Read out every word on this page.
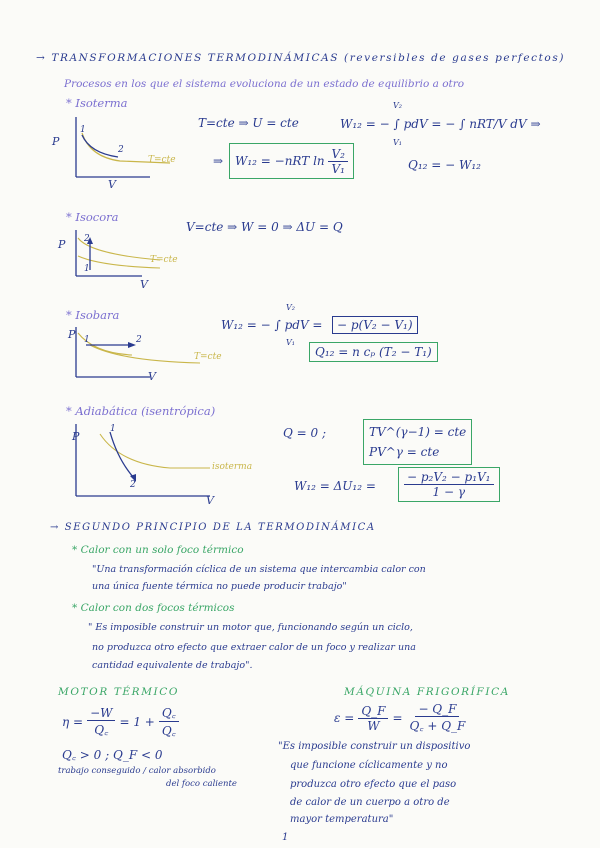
→ TRANSFORMACIONES TERMODINÁMICAS (reversibles de gases perfectos)
Procesos en los que el sistema evoluciona de un estado de equilibrio a otro
* Isoterma
P
V
1
2
T=cte
T=cte ⇒ U = cte
V₂
V₁
W₁₂ = − ∫ pdV = − ∫ nRT/V dV ⇒
⇒ W₁₂ = −nRT ln
$\frac{\text{V₂}}{\text{V₁}}$	Q₁₂ = − W₁₂
* Isocora
P
V
1
2
T=cte
V=cte ⇒ W = 0 ⇒ ΔU = Q
* Isobara
P
V
1	2
T=cte
V₂
V₁
W₁₂ = − ∫ pdV =	− p(V₂ − V₁)
Q₁₂ = n cₚ (T₂ − T₁)
* Adiabática (isentrópica)
P
V
1
2
isoterma
Q = 0 ;	TV^(γ−1) = cte
PV^γ = cte
$W_{12} = \Delta U_{12} = \frac{\text{− p₂V₂ − p₁V₁}}{1 - \gamma}$
→ SEGUNDO PRINCIPIO DE LA TERMODINÁMICA
* Calor con un solo foco térmico
"Una transformación cíclica de un sistema que intercambia calor con
una única fuente térmica no puede producir trabajo"
* Calor con dos focos térmicos
" Es imposible construir un motor que, funcionando según un ciclo,
no produzca otro efecto que extraer calor de un foco y realizar una
cantidad equivalente de trabajo".
MOTOR TÉRMICO
$\eta = \frac{-W}{Q꜀} = 1 + \frac{Q꜀}{Q꜀}$
Q꜀ > 0 ; Q_F < 0
trabajo conseguido / calor absorbido
del foco caliente
MÁQUINA FRIGORÍFICA
$\varepsilon = \frac{Q\_F}{W} = \frac{- Q\_F}{Q꜀ + Q\_F}$
"Es imposible construir un dispositivo
que funcione cíclicamente y no
produzca otro efecto que el paso
de calor de un cuerpo a otro de
mayor temperatura"
1
